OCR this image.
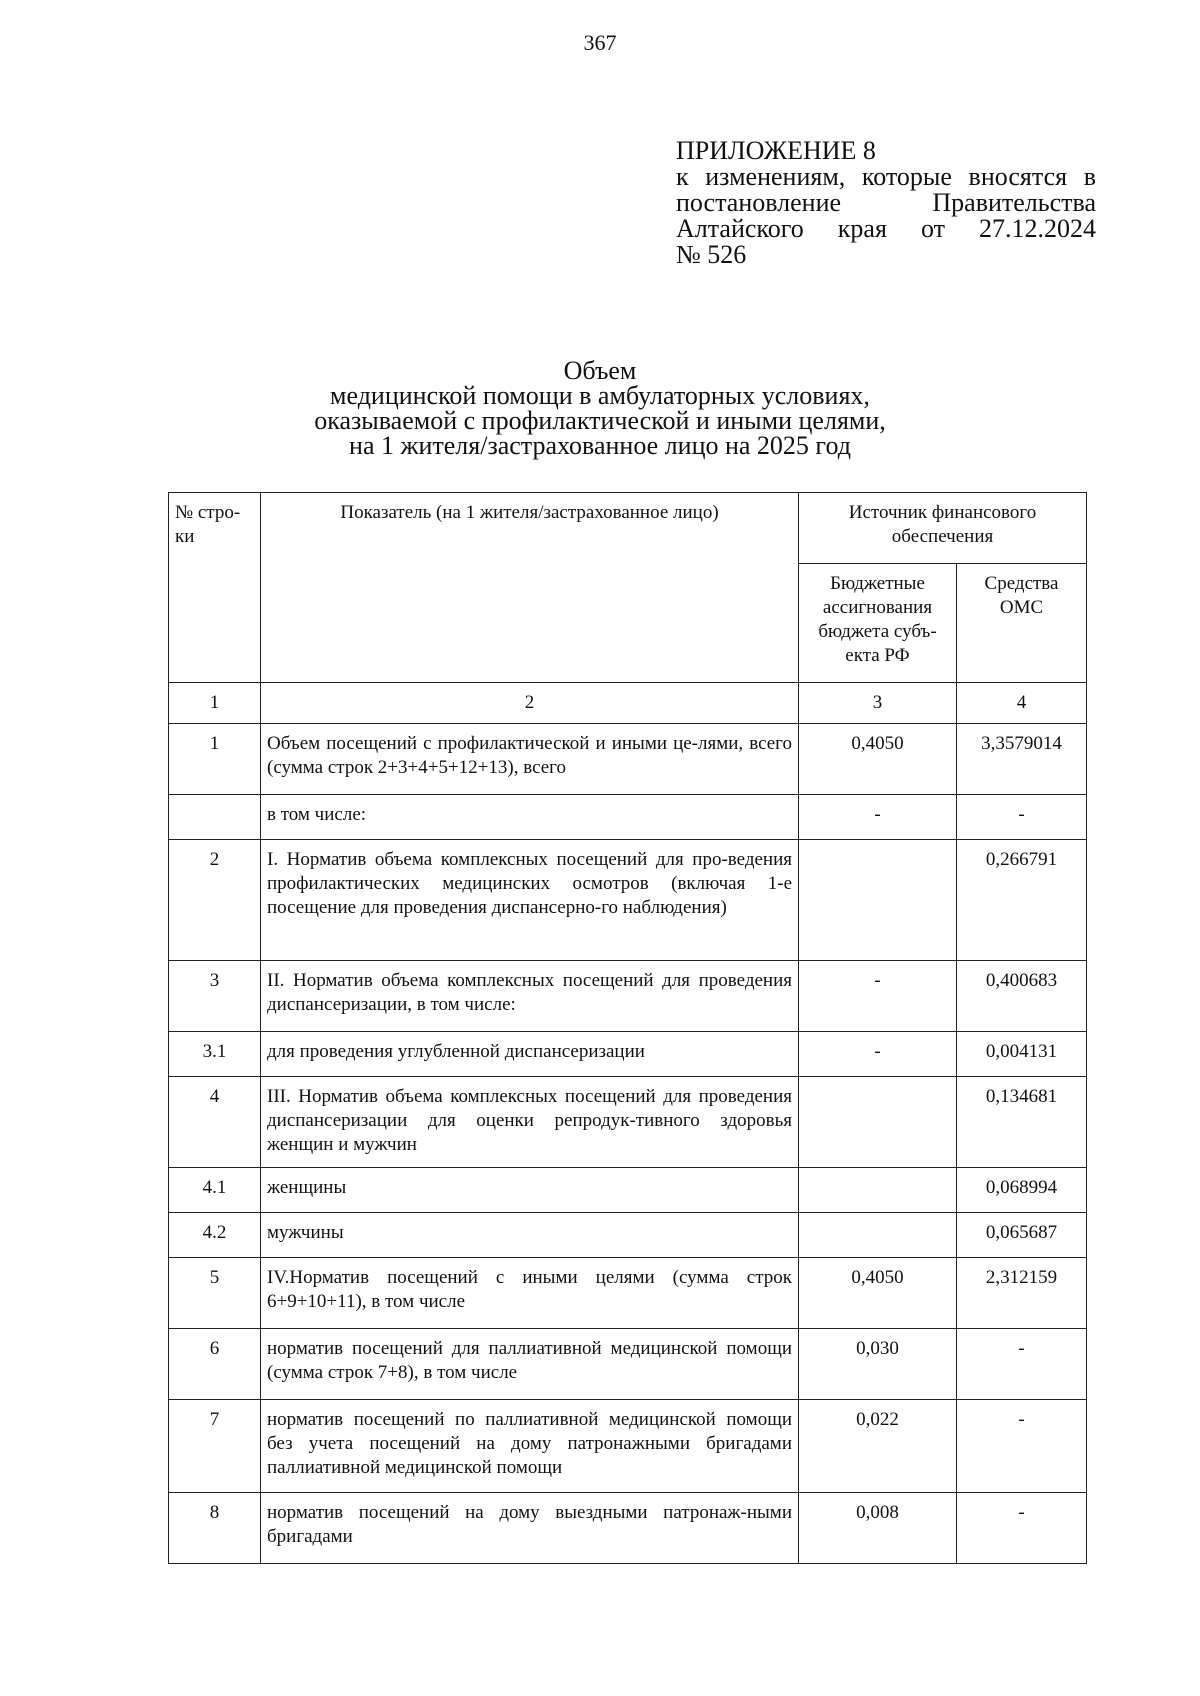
367
ПРИЛОЖЕНИЕ 8
к изменениям, которые вносятся в
постановление Правительства
Алтайского края от 27.12.2024
№ 526
Объем
медицинской помощи в амбулаторных условиях,
оказываемой с профилактической и иными целями,
на 1 жителя/застрахованное лицо на 2025 год
№ стро-ки	Показатель (на 1 жителя/застрахованное лицо)	Источник финансового обеспечения	
		Бюджетные ассигнования бюджета субъ-екта РФ	Средства ОМС
1	2	3	4
1	Объем посещений с профилактической и иными це-лями, всего (сумма строк 2+3+4+5+12+13), всего	0,4050	3,3579014
	в том числе:	-	-
2	I. Норматив объема комплексных посещений для про-ведения профилактических медицинских осмотров (включая 1-е посещение для проведения диспансерно-го наблюдения)		0,266791
3	II. Норматив объема комплексных посещений для проведения диспансеризации, в том числе:	-	0,400683
3.1	для проведения углубленной диспансеризации	-	0,004131
4	III. Норматив объема комплексных посещений для проведения диспансеризации для оценки репродук-тивного здоровья женщин и мужчин		0,134681
4.1	женщины		0,068994
4.2	мужчины		0,065687
5	IV.Норматив посещений с иными целями (сумма строк 6+9+10+11), в том числе	0,4050	2,312159
6	норматив посещений для паллиативной медицинской помощи (сумма строк 7+8), в том числе	0,030	-
7	норматив посещений по паллиативной медицинской помощи без учета посещений на дому патронажными бригадами паллиативной медицинской помощи	0,022	-
8	норматив посещений на дому выездными патронаж-ными бригадами	0,008	-
